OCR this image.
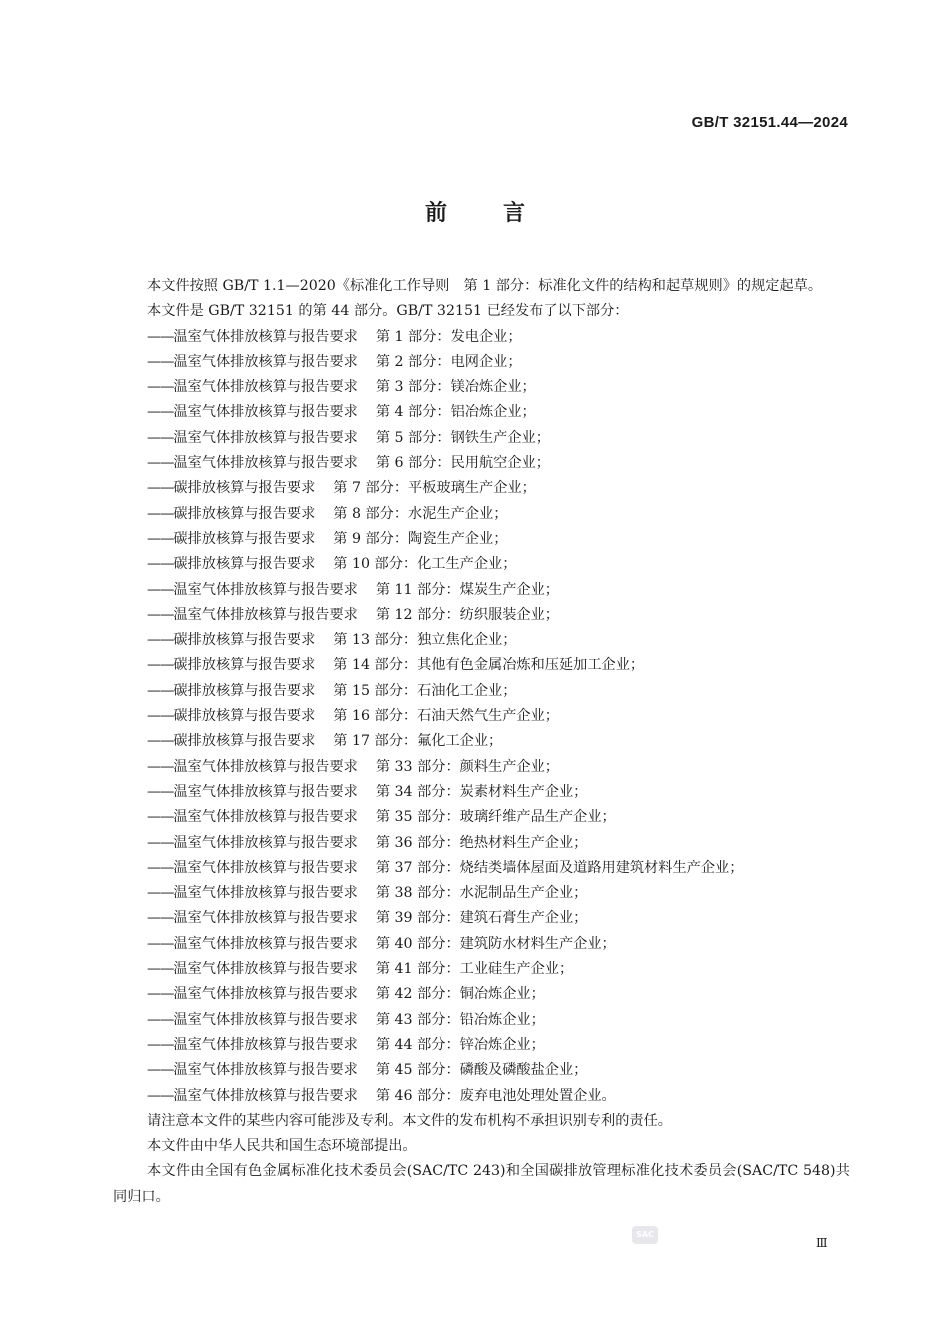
GB/T 32151.44—2024
前	言

本文件按照 GB/T 1.1—2020《标准化工作导则　第 1 部分：标准化文件的结构和起草规则》的规定起草。

本文件是 GB/T 32151 的第 44 部分。GB/T 32151 已经发布了以下部分：

——温室气体排放核算与报告要求 第 1 部分：发电企业；
——温室气体排放核算与报告要求 第 2 部分：电网企业；
——温室气体排放核算与报告要求 第 3 部分：镁冶炼企业；
——温室气体排放核算与报告要求 第 4 部分：铝冶炼企业；
——温室气体排放核算与报告要求 第 5 部分：钢铁生产企业；
——温室气体排放核算与报告要求 第 6 部分：民用航空企业；
——碳排放核算与报告要求 第 7 部分：平板玻璃生产企业；
——碳排放核算与报告要求 第 8 部分：水泥生产企业；
——碳排放核算与报告要求 第 9 部分：陶瓷生产企业；
——碳排放核算与报告要求 第 10 部分：化工生产企业；
——温室气体排放核算与报告要求 第 11 部分：煤炭生产企业；
——温室气体排放核算与报告要求 第 12 部分：纺织服装企业；
——碳排放核算与报告要求 第 13 部分：独立焦化企业；
——碳排放核算与报告要求 第 14 部分：其他有色金属冶炼和压延加工企业；
——碳排放核算与报告要求 第 15 部分：石油化工企业；
——碳排放核算与报告要求 第 16 部分：石油天然气生产企业；
——碳排放核算与报告要求 第 17 部分：氟化工企业；
——温室气体排放核算与报告要求 第 33 部分：颜料生产企业；
——温室气体排放核算与报告要求 第 34 部分：炭素材料生产企业；
——温室气体排放核算与报告要求 第 35 部分：玻璃纤维产品生产企业；
——温室气体排放核算与报告要求 第 36 部分：绝热材料生产企业；
——温室气体排放核算与报告要求 第 37 部分：烧结类墙体屋面及道路用建筑材料生产企业；
——温室气体排放核算与报告要求 第 38 部分：水泥制品生产企业；
——温室气体排放核算与报告要求 第 39 部分：建筑石膏生产企业；
——温室气体排放核算与报告要求 第 40 部分：建筑防水材料生产企业；
——温室气体排放核算与报告要求 第 41 部分：工业硅生产企业；
——温室气体排放核算与报告要求 第 42 部分：铜冶炼企业；
——温室气体排放核算与报告要求 第 43 部分：铅冶炼企业；
——温室气体排放核算与报告要求 第 44 部分：锌冶炼企业；
——温室气体排放核算与报告要求 第 45 部分：磷酸及磷酸盐企业；
——温室气体排放核算与报告要求 第 46 部分：废弃电池处理处置企业。

请注意本文件的某些内容可能涉及专利。本文件的发布机构不承担识别专利的责任。

本文件由中华人民共和国生态环境部提出。

本文件由全国有色金属标准化技术委员会(SAC/TC 243)和全国碳排放管理标准化技术委员会(SAC/TC 548)共同归口。

SAC
Ⅲ
